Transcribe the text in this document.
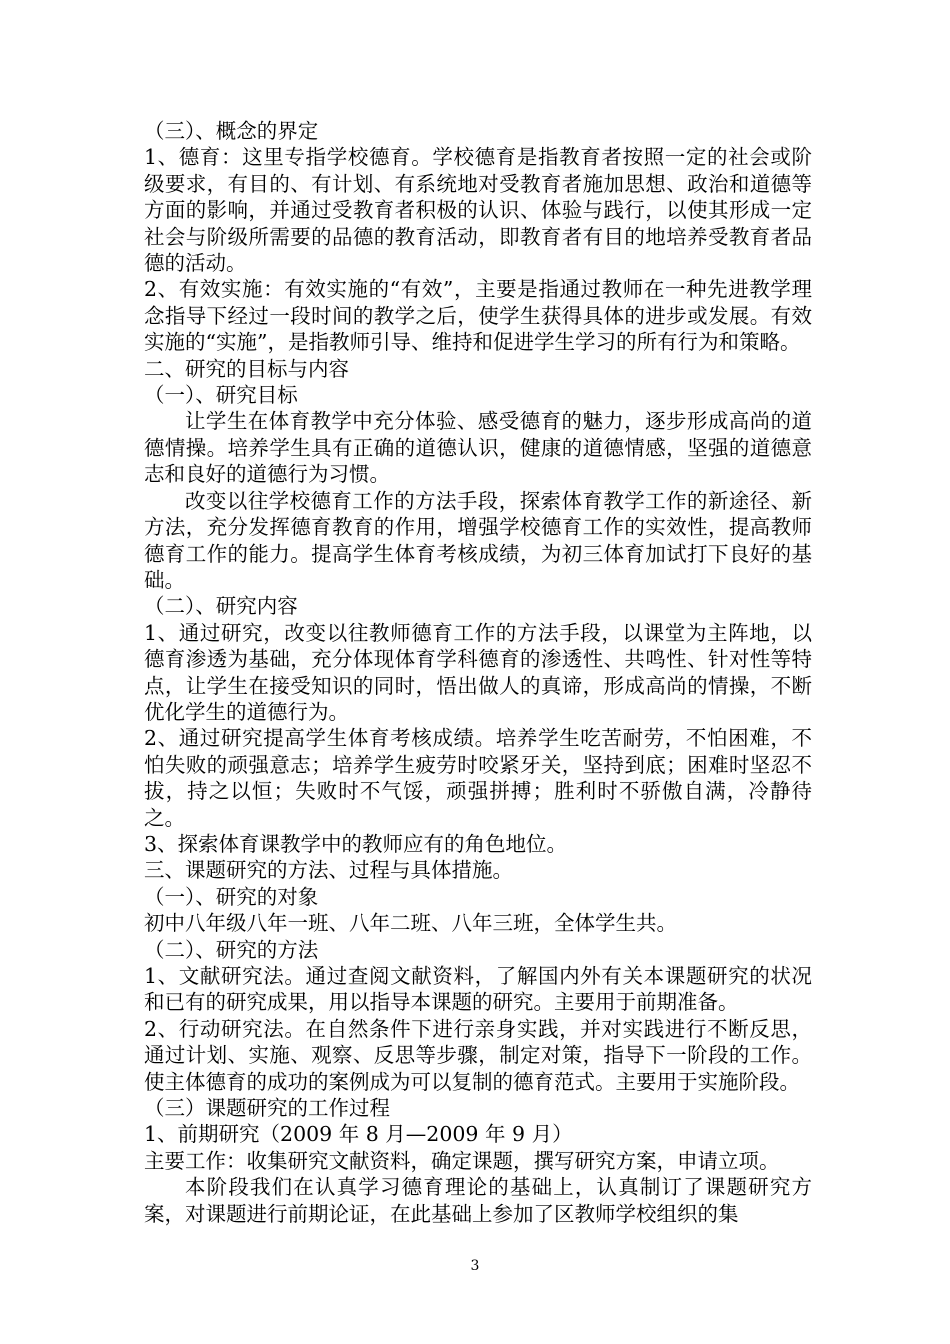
（三）、概念的界定

1、德育：这里专指学校德育。学校德育是指教育者按照一定的社会或阶级要求，有目的、有计划、有系统地对受教育者施加思想、政治和道德等方面的影响，并通过受教育者积极的认识、体验与践行，以使其形成一定社会与阶级所需要的品德的教育活动，即教育者有目的地培养受教育者品德的活动。

2、有效实施：有效实施的“有效”，主要是指通过教师在一种先进教学理念指导下经过一段时间的教学之后，使学生获得具体的进步或发展。有效实施的“实施”，是指教师引导、维持和促进学生学习的所有行为和策略。

二、研究的目标与内容

（一）、研究目标

让学生在体育教学中充分体验、感受德育的魅力，逐步形成高尚的道德情操。培养学生具有正确的道德认识，健康的道德情感，坚强的道德意志和良好的道德行为习惯。

改变以往学校德育工作的方法手段，探索体育教学工作的新途径、新方法，充分发挥德育教育的作用，增强学校德育工作的实效性，提高教师德育工作的能力。提高学生体育考核成绩，为初三体育加试打下良好的基础。

（二）、研究内容

1、通过研究，改变以往教师德育工作的方法手段，以课堂为主阵地，以德育渗透为基础，充分体现体育学科德育的渗透性、共鸣性、针对性等特点，让学生在接受知识的同时，悟出做人的真谛，形成高尚的情操，不断优化学生的道德行为。

2、通过研究提高学生体育考核成绩。培养学生吃苦耐劳，不怕困难，不怕失败的顽强意志；培养学生疲劳时咬紧牙关，坚持到底；困难时坚忍不拔，持之以恒；失败时不气馁，顽强拼搏；胜利时不骄傲自满，冷静待之。

3、探索体育课教学中的教师应有的角色地位。

三、课题研究的方法、过程与具体措施。

（一）、研究的对象

初中八年级八年一班、八年二班、八年三班，全体学生共。

（二）、研究的方法

1、文献研究法。通过查阅文献资料，了解国内外有关本课题研究的状况和已有的研究成果，用以指导本课题的研究。主要用于前期准备。

2、行动研究法。在自然条件下进行亲身实践，并对实践进行不断反思，通过计划、实施、观察、反思等步骤，制定对策，指导下一阶段的工作。使主体德育的成功的案例成为可以复制的德育范式。主要用于实施阶段。

（三）课题研究的工作过程

1、前期研究（2009 年 8 月—2009 年 9 月）

主要工作：收集研究文献资料，确定课题，撰写研究方案，申请立项。

本阶段我们在认真学习德育理论的基础上，认真制订了课题研究方案，对课题进行前期论证，在此基础上参加了区教师学校组织的集

3
